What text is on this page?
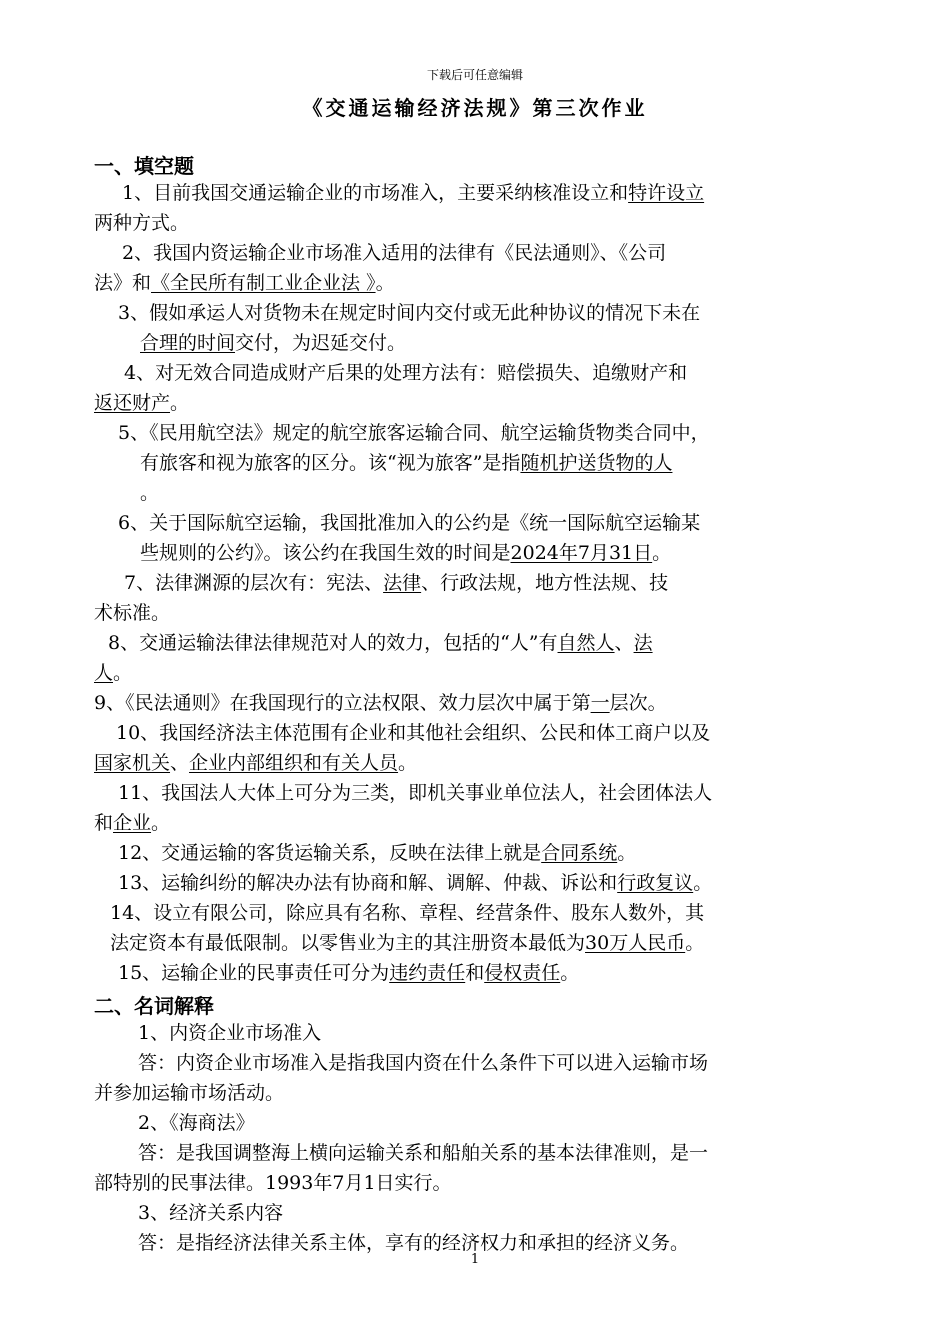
下载后可任意编辑
《交通运输经济法规》第三次作业
一、填空题
1、目前我国交通运输企业的市场准入，主要采纳核准设立和特许设立
两种方式。
2、我国内资运输企业市场准入适用的法律有《民法通则》、《公司
法》和《全民所有制工业企业法 》。
3、假如承运人对货物未在规定时间内交付或无此种协议的情况下未在
合理的时间交付，为迟延交付。
4、对无效合同造成财产后果的处理方法有：赔偿损失、追缴财产和
返还财产。
5、《民用航空法》规定的航空旅客运输合同、航空运输货物类合同中，
有旅客和视为旅客的区分。该“视为旅客”是指随机护送货物的人
。
6、关于国际航空运输，我国批准加入的公约是《统一国际航空运输某
些规则的公约》。该公约在我国生效的时间是2024年7月31日。
7、法律渊源的层次有：宪法、法律、行政法规，地方性法规、技
术标准。
8、交通运输法律法律规范对人的效力，包括的“人”有自然人、法
人。
9、《民法通则》在我国现行的立法权限、效力层次中属于第一层次。
10、我国经济法主体范围有企业和其他社会组织、公民和体工商户以及
国家机关、企业内部组织和有关人员。
11、我国法人大体上可分为三类，即机关事业单位法人，社会团体法人
和企业。
12、交通运输的客货运输关系，反映在法律上就是合同系统。
13、运输纠纷的解决办法有协商和解、调解、仲裁、诉讼和行政复议。
14、设立有限公司，除应具有名称、章程、经营条件、股东人数外，其
法定资本有最低限制。以零售业为主的其注册资本最低为30万人民币。
15、运输企业的民事责任可分为违约责任和侵权责任。
二、名词解释
1、内资企业市场准入
答：内资企业市场准入是指我国内资在什么条件下可以进入运输市场
并参加运输市场活动。
2、《海商法》
答：是我国调整海上横向运输关系和船舶关系的基本法律准则，是一
部特别的民事法律。1993年7月1日实行。
3、经济关系内容
答：是指经济法律关系主体，享有的经济权力和承担的经济义务。
1
